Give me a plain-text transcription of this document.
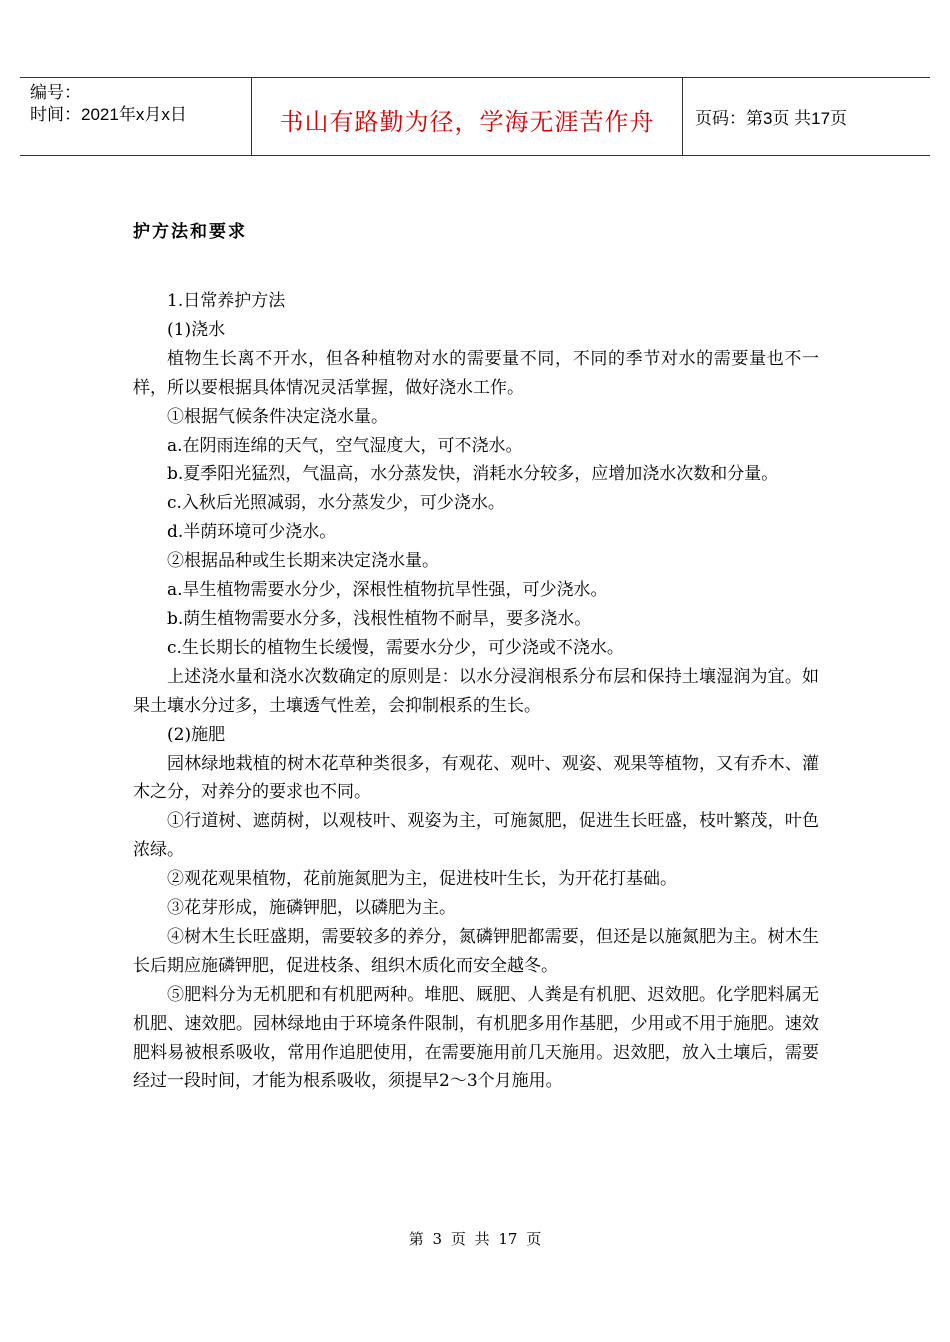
编号：
时间：2021年x月x日	书山有路勤为径，学海无涯苦作舟 页码：第3页 共17页
护方法和要求

1.日常养护方法

(1)浇水

植物生长离不开水，但各种植物对水的需要量不同，不同的季节对水的需要量也不一样，所以要根据具体情况灵活掌握，做好浇水工作。

①根据气候条件决定浇水量。

a.在阴雨连绵的天气，空气湿度大，可不浇水。

b.夏季阳光猛烈，气温高，水分蒸发快，消耗水分较多，应增加浇水次数和分量。

c.入秋后光照减弱，水分蒸发少，可少浇水。

d.半荫环境可少浇水。

②根据品种或生长期来决定浇水量。

a.旱生植物需要水分少，深根性植物抗旱性强，可少浇水。

b.荫生植物需要水分多，浅根性植物不耐旱，要多浇水。

c.生长期长的植物生长缓慢，需要水分少，可少浇或不浇水。

上述浇水量和浇水次数确定的原则是：以水分浸润根系分布层和保持土壤湿润为宜。如果土壤水分过多，土壤透气性差，会抑制根系的生长。

(2)施肥

园林绿地栽植的树木花草种类很多，有观花、观叶、观姿、观果等植物，又有乔木、灌木之分，对养分的要求也不同。

①行道树、遮荫树，以观枝叶、观姿为主，可施氮肥，促进生长旺盛，枝叶繁茂，叶色浓绿。

②观花观果植物，花前施氮肥为主，促进枝叶生长，为开花打基础。

③花芽形成，施磷钾肥，以磷肥为主。

④树木生长旺盛期，需要较多的养分，氮磷钾肥都需要，但还是以施氮肥为主。树木生长后期应施磷钾肥，促进枝条、组织木质化而安全越冬。

⑤肥料分为无机肥和有机肥两种。堆肥、厩肥、人粪是有机肥、迟效肥。化学肥料属无机肥、速效肥。园林绿地由于环境条件限制，有机肥多用作基肥，少用或不用于施肥。速效肥料易被根系吸收，常用作追肥使用，在需要施用前几天施用。迟效肥，放入土壤后，需要经过一段时间，才能为根系吸收，须提早2～3个月施用。

第 3 页 共 17 页
